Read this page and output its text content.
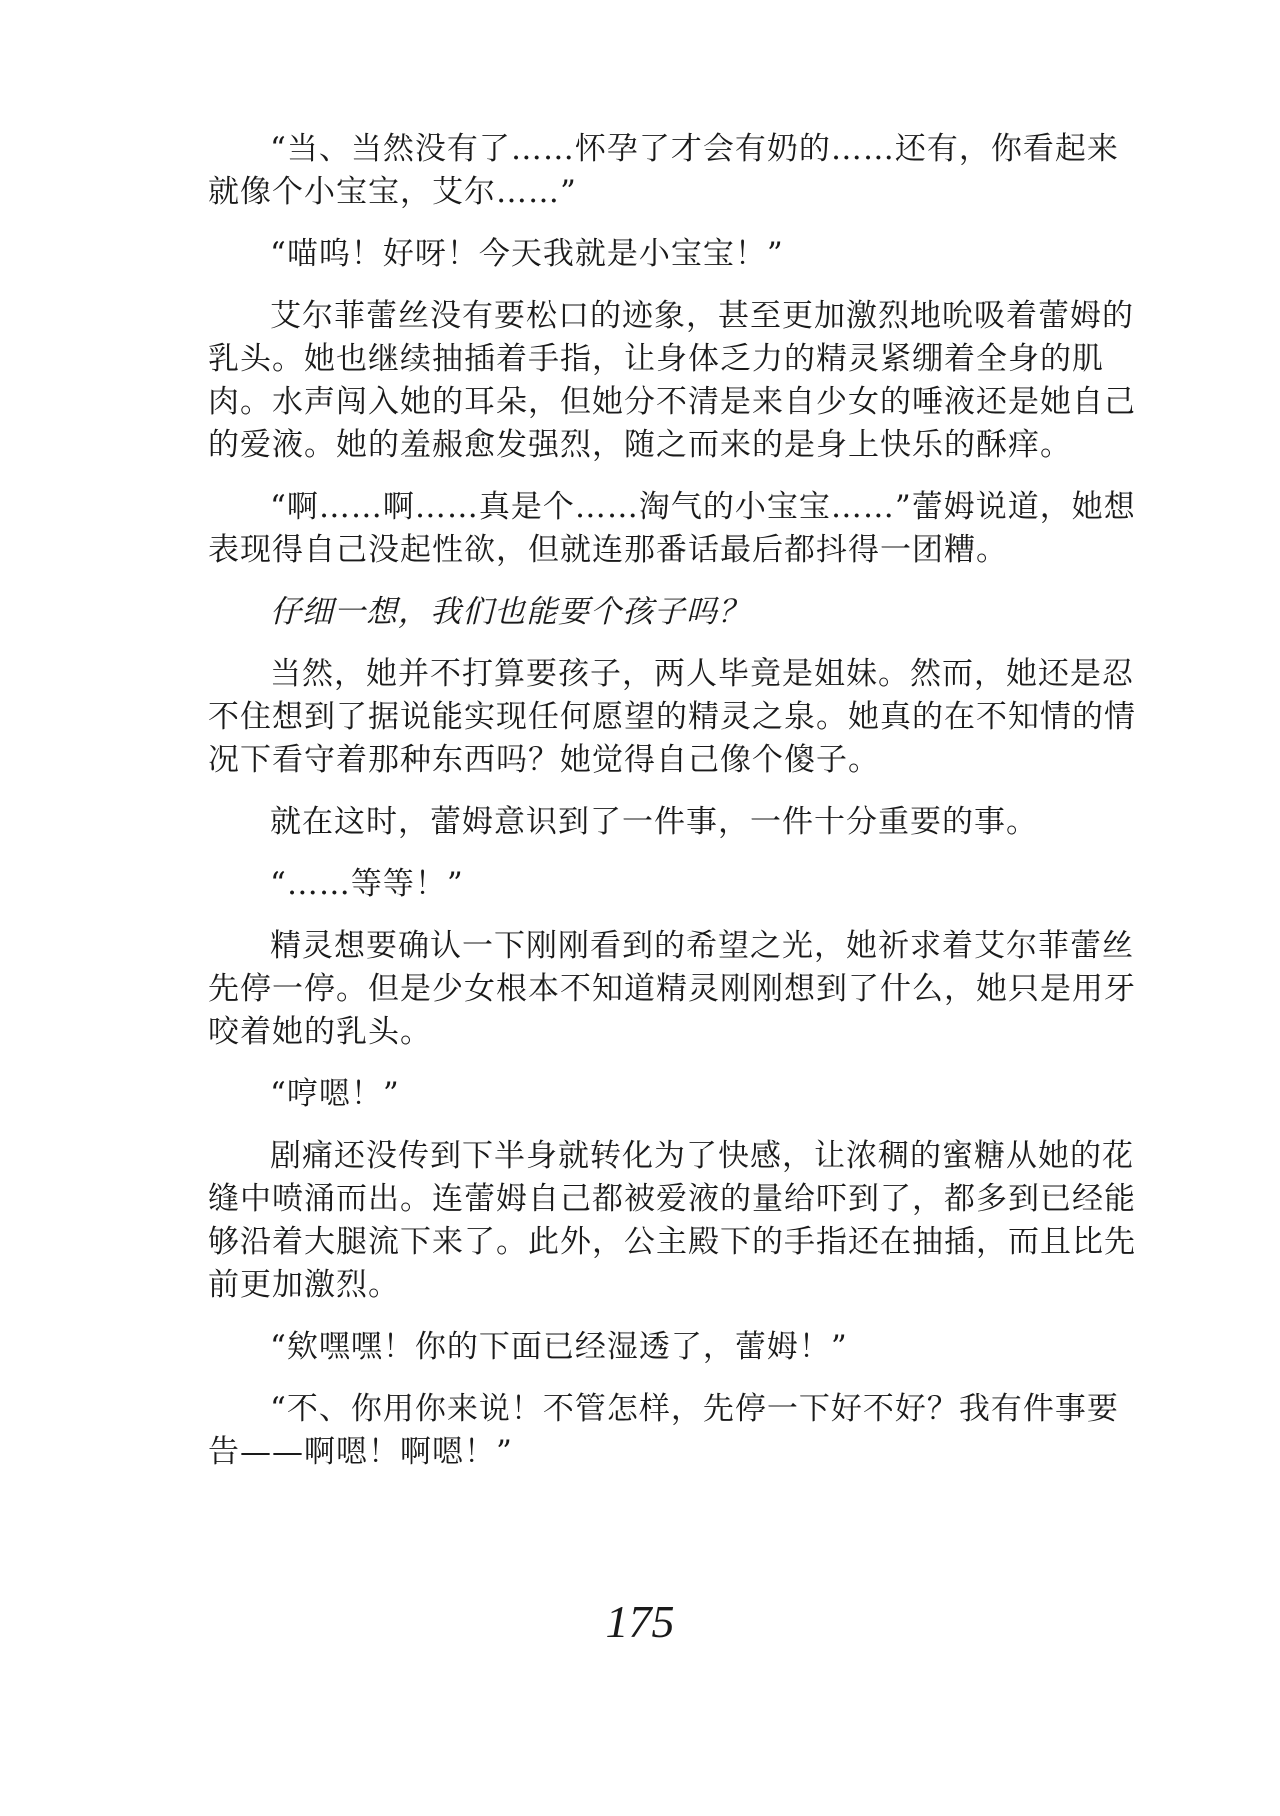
“当、当然没有了……怀孕了才会有奶的……还有，你看起来就像个小宝宝，艾尔……”

“喵呜！好呀！今天我就是小宝宝！”

艾尔菲蕾丝没有要松口的迹象，甚至更加激烈地吮吸着蕾姆的乳头。她也继续抽插着手指，让身体乏力的精灵紧绷着全身的肌肉。水声闯入她的耳朵，但她分不清是来自少女的唾液还是她自己的爱液。她的羞赧愈发强烈，随之而来的是身上快乐的酥痒。

“啊……啊……真是个……淘气的小宝宝……”蕾姆说道，她想表现得自己没起性欲，但就连那番话最后都抖得一团糟。

仔细一想，我们也能要个孩子吗？

当然，她并不打算要孩子，两人毕竟是姐妹。然而，她还是忍不住想到了据说能实现任何愿望的精灵之泉。她真的在不知情的情况下看守着那种东西吗？她觉得自己像个傻子。

就在这时，蕾姆意识到了一件事，一件十分重要的事。

“……等等！”

精灵想要确认一下刚刚看到的希望之光，她祈求着艾尔菲蕾丝先停一停。但是少女根本不知道精灵刚刚想到了什么，她只是用牙咬着她的乳头。

“哼嗯！”

剧痛还没传到下半身就转化为了快感，让浓稠的蜜糖从她的花缝中喷涌而出。连蕾姆自己都被爱液的量给吓到了，都多到已经能够沿着大腿流下来了。此外，公主殿下的手指还在抽插，而且比先前更加激烈。

“欸嘿嘿！你的下面已经湿透了，蕾姆！”

“不、你用你来说！不管怎样，先停一下好不好？我有件事要告——啊嗯！啊嗯！”

175
